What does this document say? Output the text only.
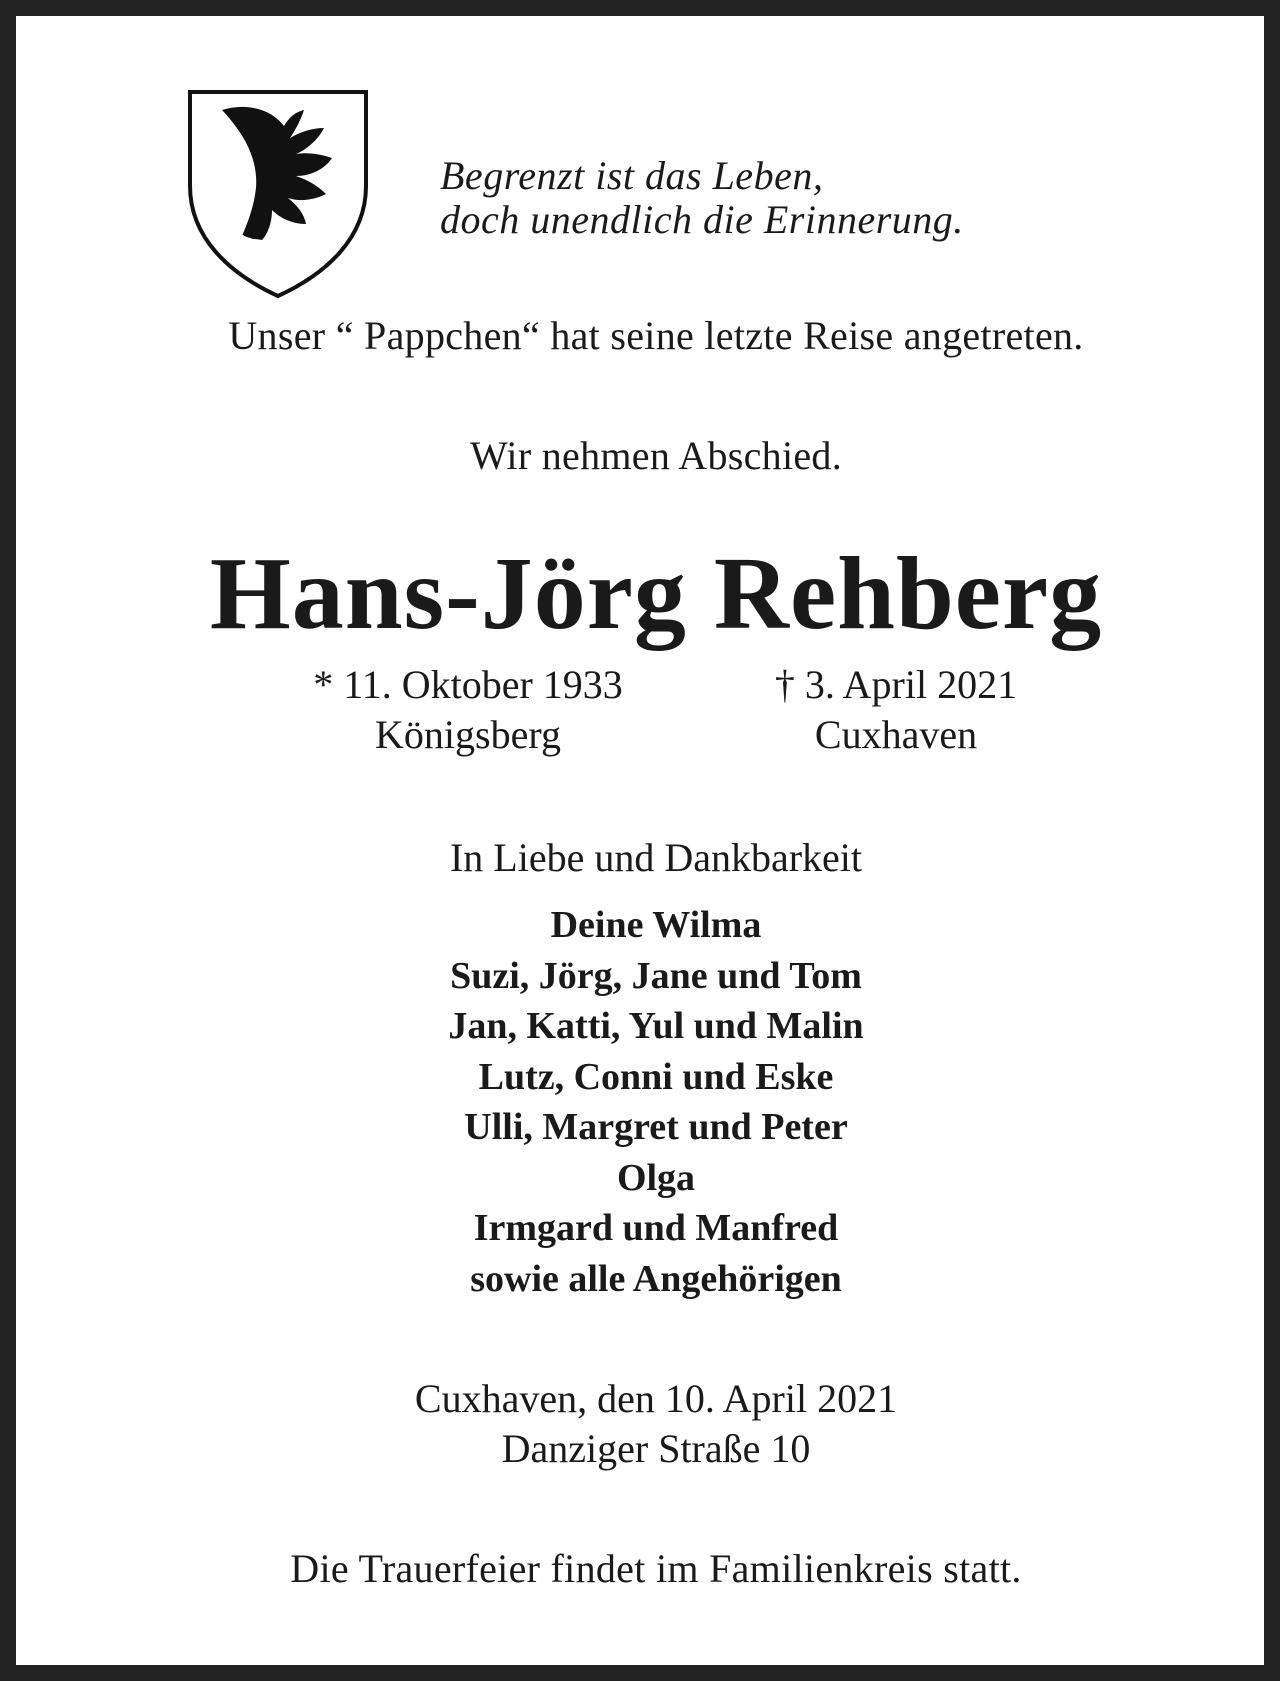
Begrenzt ist das Leben,
doch unendlich die Erinnerung.
Unser “ Pappchen“ hat seine letzte Reise angetreten.
Wir nehmen Abschied.
Hans-Jörg Rehberg
* 11. Oktober 1933
Königsberg
† 3. April 2021
Cuxhaven
In Liebe und Dankbarkeit
Deine Wilma
Suzi, Jörg, Jane und Tom
Jan, Katti, Yul und Malin
Lutz, Conni und Eske
Ulli, Margret und Peter
Olga
Irmgard und Manfred
sowie alle Angehörigen
Cuxhaven, den 10. April 2021
Danziger Straße 10
Die Trauerfeier findet im Familienkreis statt.
